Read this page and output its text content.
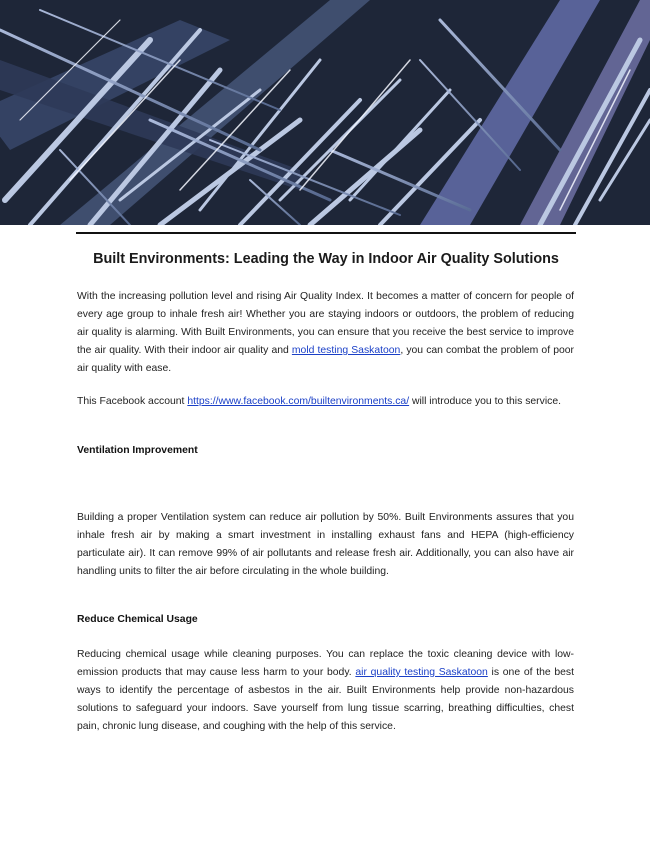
Built Environments: Leading the Way in Indoor Air Quality Solutions

With the increasing pollution level and rising Air Quality Index. It becomes a matter of concern for people of every age group to inhale fresh air! Whether you are staying indoors or outdoors, the problem of reducing air quality is alarming. With Built Environments, you can ensure that you receive the best service to improve the air quality. With their indoor air quality and mold testing Saskatoon, you can combat the problem of poor air quality with ease.

This Facebook account https://www.facebook.com/builtenvironments.ca/ will introduce you to this service.

Ventilation Improvement

Building a proper Ventilation system can reduce air pollution by 50%. Built Environments assures that you inhale fresh air by making a smart investment in installing exhaust fans and HEPA (high-efficiency particulate air). It can remove 99% of air pollutants and release fresh air. Additionally, you can also have air handling units to filter the air before circulating in the whole building.

Reduce Chemical Usage

Reducing chemical usage while cleaning purposes. You can replace the toxic cleaning device with low-emission products that may cause less harm to your body. air quality testing Saskatoon is one of the best ways to identify the percentage of asbestos in the air. Built Environments help provide non-hazardous solutions to safeguard your indoors. Save yourself from lung tissue scarring, breathing difficulties, chest pain, chronic lung disease, and coughing with the help of this service.
